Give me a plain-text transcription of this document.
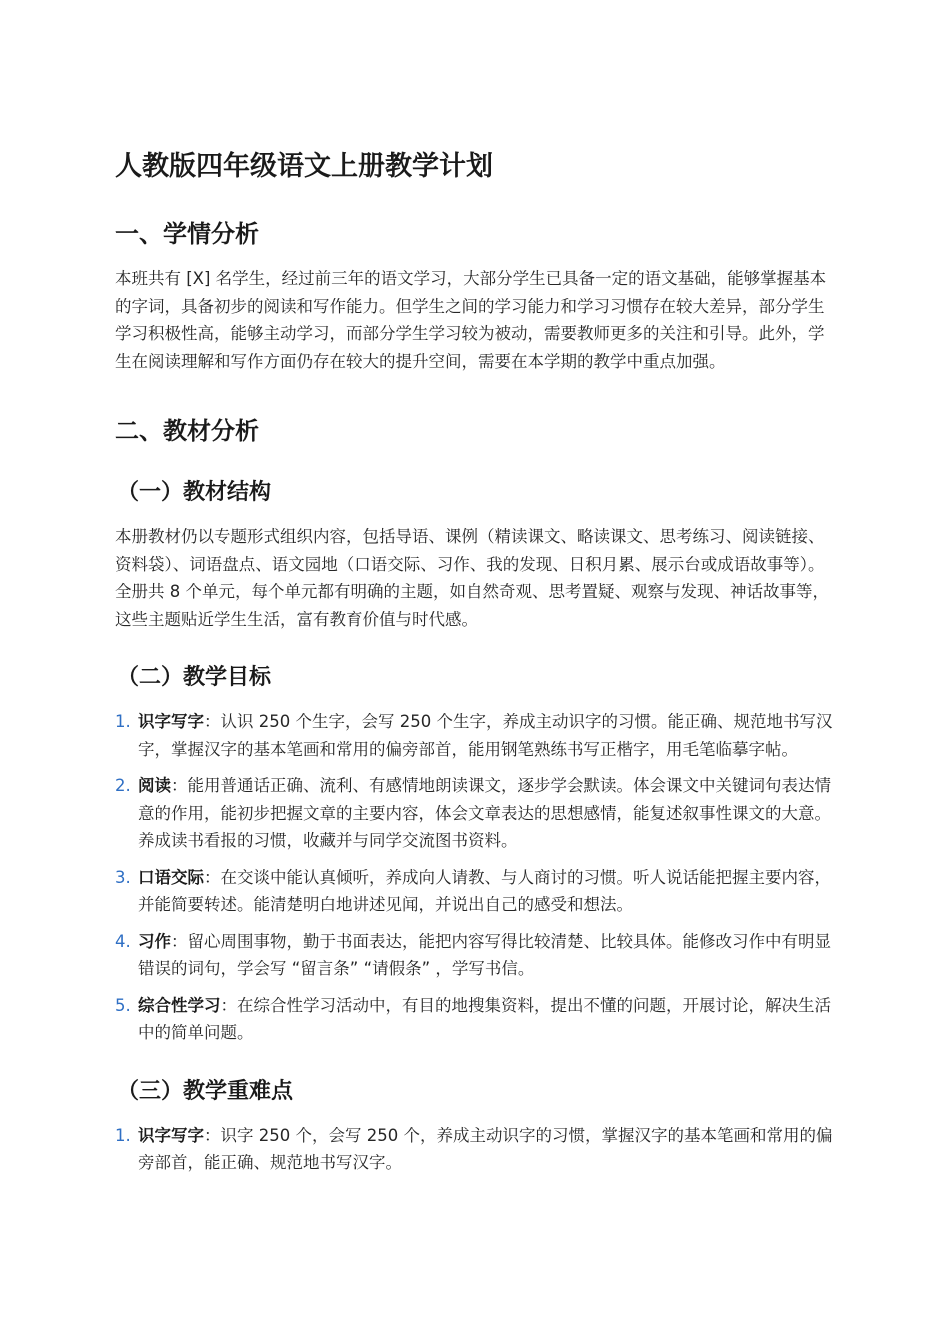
人教版四年级语文上册教学计划
一、学情分析

本班共有 [X] 名学生，经过前三年的语文学习，大部分学生已具备一定的语文基础，能够掌握基本的字词，具备初步的阅读和写作能力。但学生之间的学习能力和学习习惯存在较大差异，部分学生学习积极性高，能够主动学习，而部分学生学习较为被动，需要教师更多的关注和引导。此外，学生在阅读理解和写作方面仍存在较大的提升空间，需要在本学期的教学中重点加强。

二、教材分析
（一）教材结构

本册教材仍以专题形式组织内容，包括导语、课例（精读课文、略读课文、思考练习、阅读链接、资料袋）、词语盘点、语文园地（口语交际、习作、我的发现、日积月累、展示台或成语故事等）。全册共 8 个单元，每个单元都有明确的主题，如自然奇观、思考置疑、观察与发现、神话故事等，这些主题贴近学生生活，富有教育价值与时代感。

（二）教学目标
1. 识字写字：认识 250 个生字，会写 250 个生字，养成主动识字的习惯。能正确、规范地书写汉字，掌握汉字的基本笔画和常用的偏旁部首，能用钢笔熟练书写正楷字，用毛笔临摹字帖。
2. 阅读：能用普通话正确、流利、有感情地朗读课文，逐步学会默读。体会课文中关键词句表达情意的作用，能初步把握文章的主要内容，体会文章表达的思想感情，能复述叙事性课文的大意。养成读书看报的习惯，收藏并与同学交流图书资料。
3. 口语交际：在交谈中能认真倾听，养成向人请教、与人商讨的习惯。听人说话能把握主要内容，并能简要转述。能清楚明白地讲述见闻，并说出自己的感受和想法。
4. 习作：留心周围事物，勤于书面表达，能把内容写得比较清楚、比较具体。能修改习作中有明显错误的词句，学会写 “留言条” “请假条” ，学写书信。
5. 综合性学习：在综合性学习活动中，有目的地搜集资料，提出不懂的问题，开展讨论，解决生活中的简单问题。
（三）教学重难点
1. 识字写字：识字 250 个，会写 250 个，养成主动识字的习惯，掌握汉字的基本笔画和常用的偏旁部首，能正确、规范地书写汉字。
